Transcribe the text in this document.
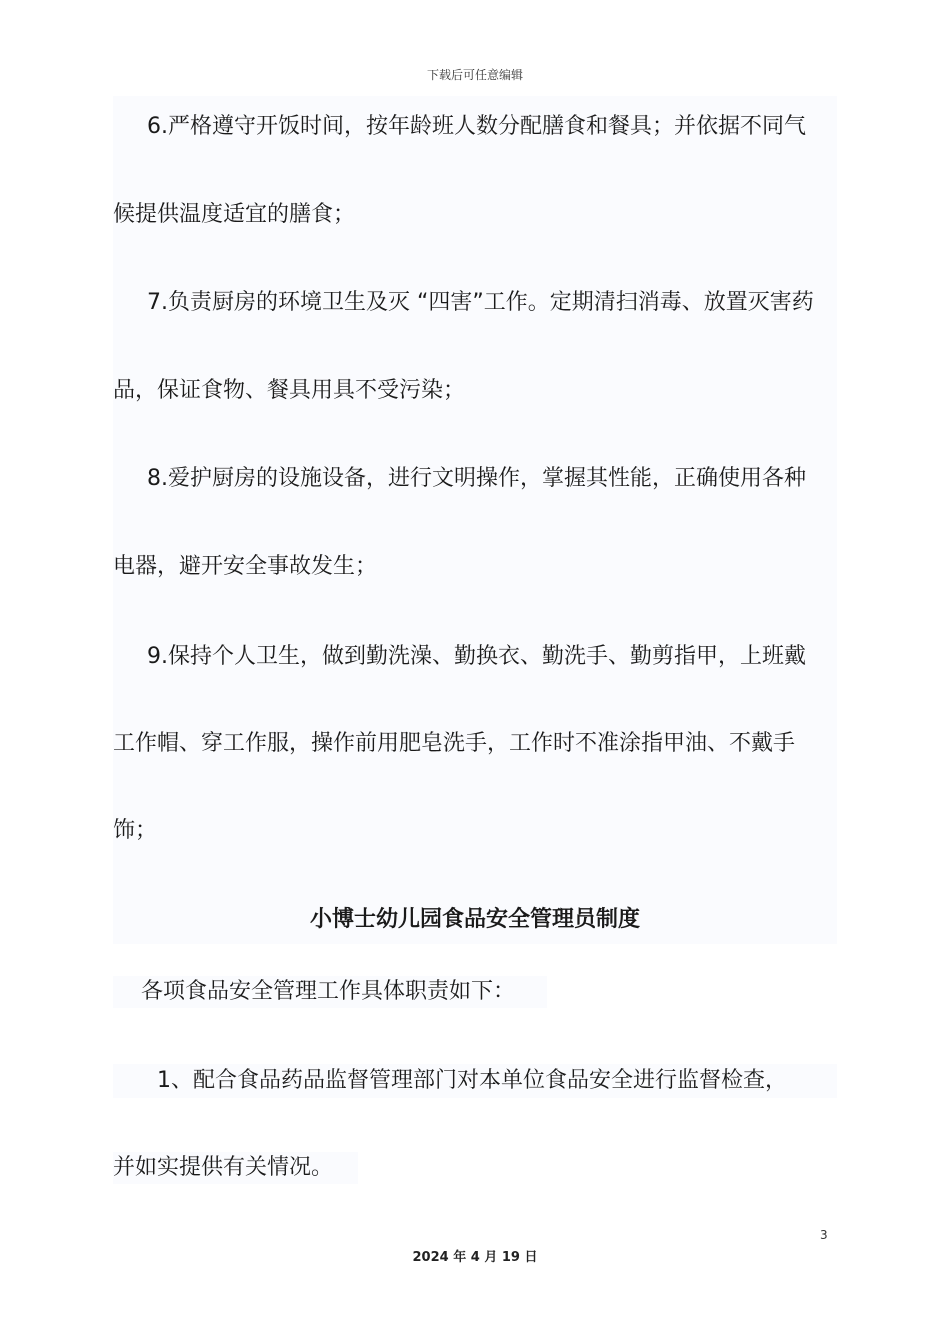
下载后可任意编辑
6.严格遵守开饭时间，按年龄班人数分配膳食和餐具；并依据不同气
候提供温度适宜的膳食；
7.负责厨房的环境卫生及灭 “四害”工作。定期清扫消毒、放置灭害药
品，保证食物、餐具用具不受污染；
8.爱护厨房的设施设备，进行文明操作，掌握其性能，正确使用各种
电器，避开安全事故发生；
9.保持个人卫生，做到勤洗澡、勤换衣、勤洗手、勤剪指甲，上班戴
工作帽、穿工作服，操作前用肥皂洗手，工作时不准涂指甲油、不戴手
饰；
小博士幼儿园食品安全管理员制度
各项食品安全管理工作具体职责如下：
1、配合食品药品监督管理部门对本单位食品安全进行监督检查，
并如实提供有关情况。
3
2024 年 4 月 19 日
